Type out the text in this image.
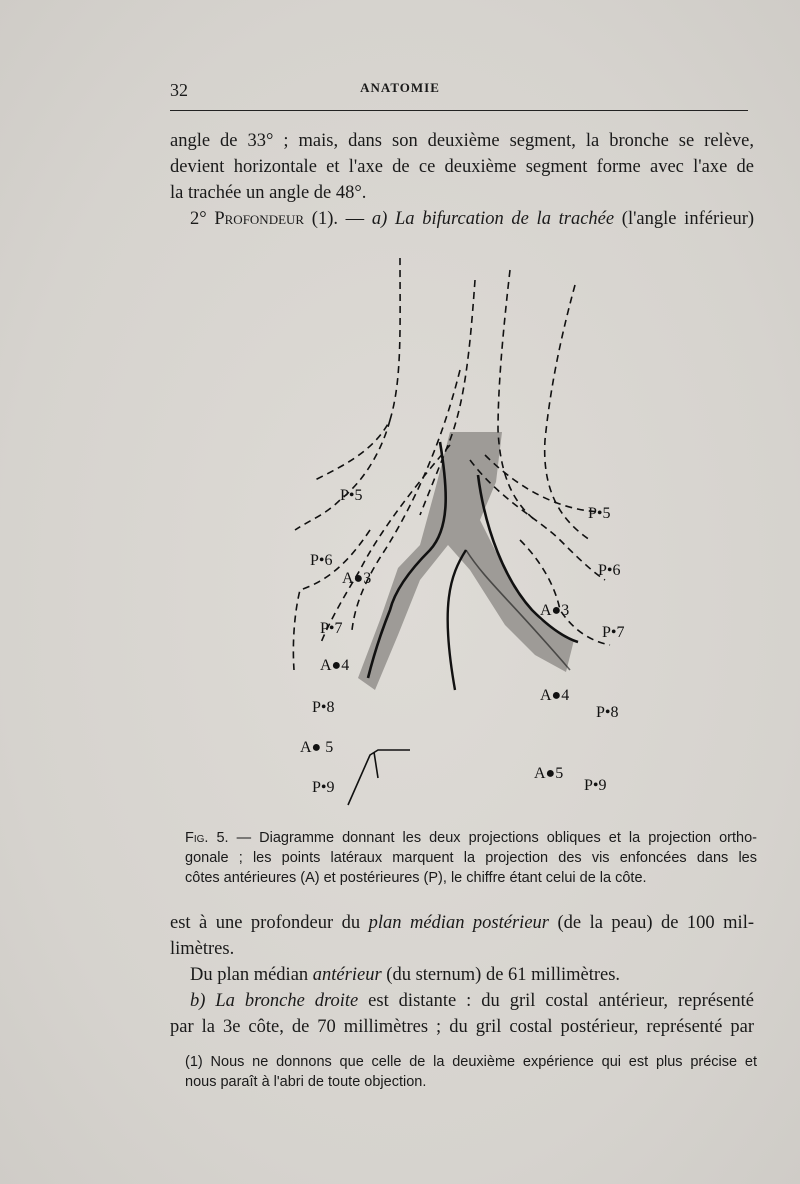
32	ANATOMIE
angle de 33° ; mais, dans son deuxième segment, la bronche se relève,
devient horizontale et l'axe de ce deuxième segment forme avec l'axe de
la trachée un angle de 48°.
2° Profondeur (1). — a) La bifurcation de la trachée (l'angle inférieur)
P•5
P•6
A●3
P•7
A●4
P•8
A● 5
P•9
P•5
P•6
A●3
P•7
A●4
P•8
A●5
P•9
Fig. 5. — Diagramme donnant les deux projections obliques et la projection ortho-
gonale ; les points latéraux marquent la projection des vis enfoncées dans les
côtes antérieures (A) et postérieures (P), le chiffre étant celui de la côte.
est à une profondeur du plan médian postérieur (de la peau) de 100 mil-
limètres.
Du plan médian antérieur (du sternum) de 61 millimètres.
b) La bronche droite est distante : du gril costal antérieur, représenté
par la 3e côte, de 70 millimètres ; du gril costal postérieur, représenté par
(1) Nous ne donnons que celle de la deuxième expérience qui est plus précise et
nous paraît à l'abri de toute objection.
